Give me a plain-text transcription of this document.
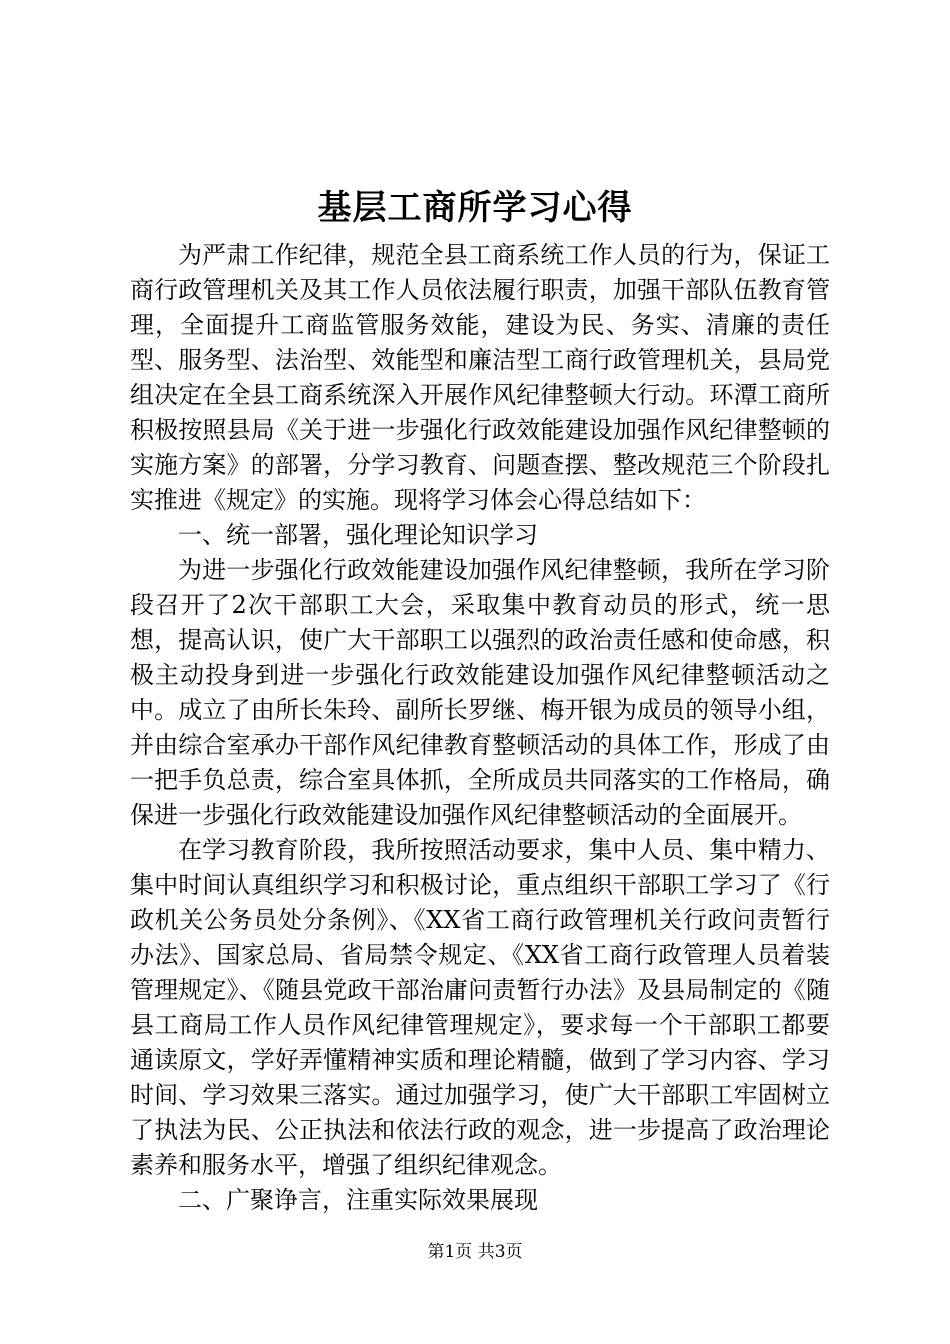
基层工商所学习心得

为严肃工作纪律，规范全县工商系统工作人员的行为，保证工商行政管理机关及其工作人员依法履行职责，加强干部队伍教育管理，全面提升工商监管服务效能，建设为民、务实、清廉的责任型、服务型、法治型、效能型和廉洁型工商行政管理机关，县局党组决定在全县工商系统深入开展作风纪律整顿大行动。环潭工商所积极按照县局《关于进一步强化行政效能建设加强作风纪律整顿的实施方案》的部署，分学习教育、问题查摆、整改规范三个阶段扎实推进《规定》的实施。现将学习体会心得总结如下：

一、统一部署，强化理论知识学习

为进一步强化行政效能建设加强作风纪律整顿，我所在学习阶段召开了2次干部职工大会，采取集中教育动员的形式，统一思想，提高认识，使广大干部职工以强烈的政治责任感和使命感，积极主动投身到进一步强化行政效能建设加强作风纪律整顿活动之中。成立了由所长朱玲、副所长罗继、梅开银为成员的领导小组，并由综合室承办干部作风纪律教育整顿活动的具体工作，形成了由一把手负总责，综合室具体抓，全所成员共同落实的工作格局，确保进一步强化行政效能建设加强作风纪律整顿活动的全面展开。

在学习教育阶段，我所按照活动要求，集中人员、集中精力、集中时间认真组织学习和积极讨论，重点组织干部职工学习了《行政机关公务员处分条例》、《XX省工商行政管理机关行政问责暂行办法》、国家总局、省局禁令规定、《XX省工商行政管理人员着装管理规定》、《随县党政干部治庸问责暂行办法》及县局制定的《随县工商局工作人员作风纪律管理规定》，要求每一个干部职工都要通读原文，学好弄懂精神实质和理论精髓，做到了学习内容、学习时间、学习效果三落实。通过加强学习，使广大干部职工牢固树立了执法为民、公正执法和依法行政的观念，进一步提高了政治理论素养和服务水平，增强了组织纪律观念。

二、广聚诤言，注重实际效果展现

第1页 共3页
